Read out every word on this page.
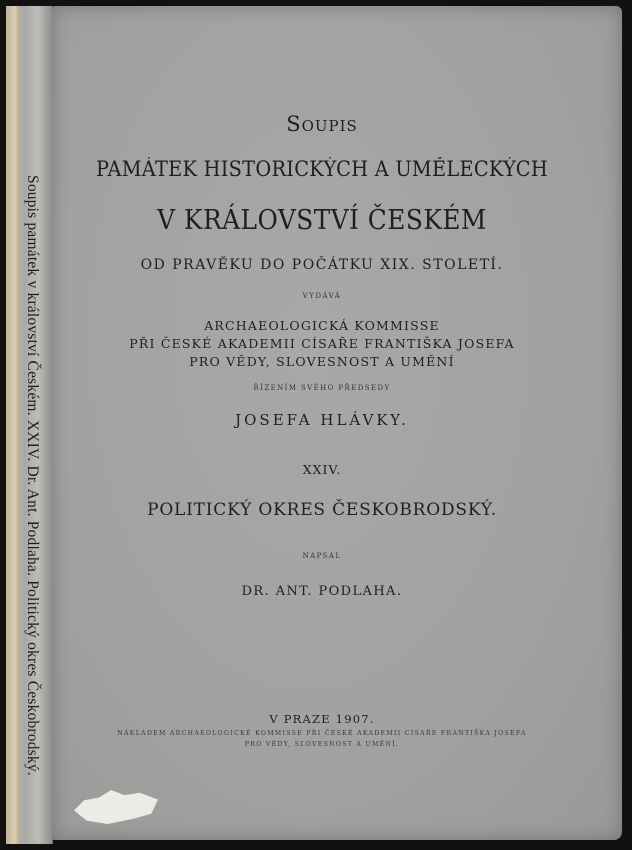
Soupis památek v království Českém. XXIV. Dr. Ant. Podlaha. Politický okres Českobrodský.
Soupis
PAMÁTEK HISTORICKÝCH A UMĚLECKÝCH
V KRÁLOVSTVÍ ČESKÉM
OD PRAVĚKU DO POČÁTKU XIX. STOLETÍ.
VYDÁVÁ
ARCHAEOLOGICKÁ KOMMISSE
PŘI ČESKÉ AKADEMII CÍSAŘE FRANTIŠKA JOSEFA
PRO VĚDY, SLOVESNOST A UMĚNÍ
ŘÍZENÍM SVÉHO PŘEDSEDY
JOSEFA HLÁVKY.
XXIV.
POLITICKÝ OKRES ČESKOBRODSKÝ.
NAPSAL
DR. ANT. PODLAHA.
V PRAZE 1907.
NÁKLADEM ARCHAEOLOGICKÉ KOMMISSE PŘI ČESKÉ AKADEMII CÍSAŘE FRANTIŠKA JOSEFA
PRO VĚDY, SLOVESNOST A UMĚNÍ.
